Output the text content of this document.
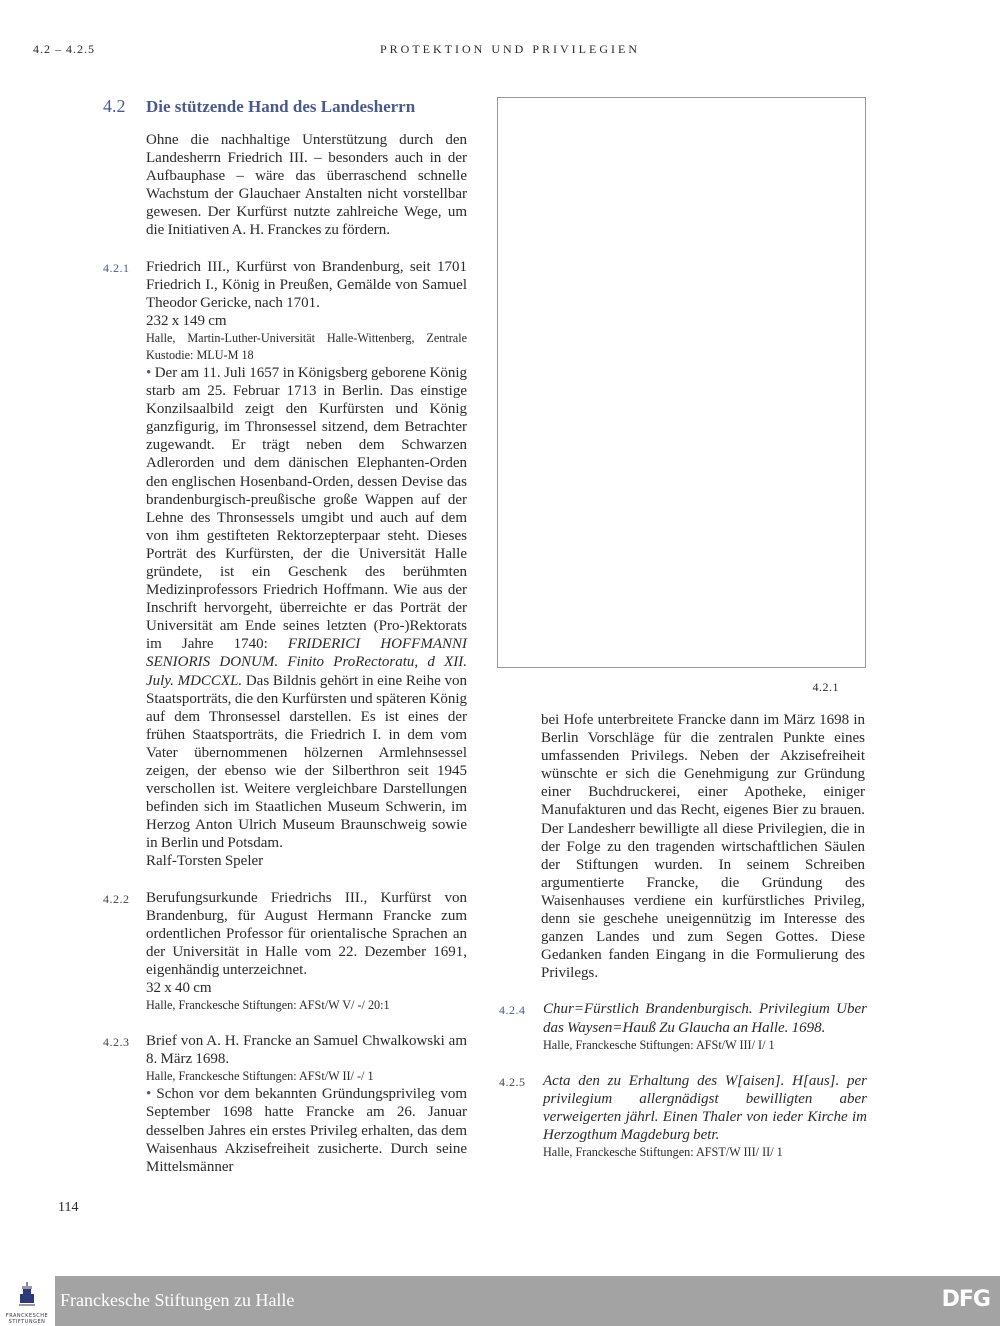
4.2 – 4.2.5	PROTEKTION UND PRIVILEGIEN
4.2	Die stützende Hand des Landesherrn
Ohne die nachhaltige Unterstützung durch den Landesherrn Friedrich III. – besonders auch in der Aufbauphase – wäre das überraschend schnelle Wachstum der Glauchaer Anstalten nicht vorstellbar gewesen. Der Kurfürst nutzte zahlreiche Wege, um die Initiativen A. H. Franckes zu fördern.
4.2.1	Friedrich III., Kurfürst von Brandenburg, seit 1701 Friedrich I., König in Preußen, Gemälde von Samuel Theodor Gericke, nach 1701.
232 x 149 cm
Halle, Martin-Luther-Universität Halle-Wittenberg, Zentrale Kustodie: MLU-M 18
• Der am 11. Juli 1657 in Königsberg geborene König starb am 25. Februar 1713 in Berlin. Das einstige Konzilsaalbild zeigt den Kurfürsten und König ganzfigurig, im Thronsessel sitzend, dem Betrachter zugewandt. Er trägt neben dem Schwarzen Adlerorden und dem dänischen Elephanten-Orden den englischen Hosenband-Orden, dessen Devise das brandenburgisch-preußische große Wappen auf der Lehne des Thronsessels umgibt und auch auf dem von ihm gestifteten Rektorzepterpaar steht. Dieses Porträt des Kurfürsten, der die Universität Halle gründete, ist ein Geschenk des berühmten Medizinprofessors Friedrich Hoffmann. Wie aus der Inschrift hervorgeht, überreichte er das Porträt der Universität am Ende seines letzten (Pro-)Rektorats im Jahre 1740: FRIDERICI HOFFMANNI SENIORIS DONUM. Finito ProRectoratu, d XII. July. MDCCXL. Das Bildnis gehört in eine Reihe von Staatsporträts, die den Kurfürsten und späteren König auf dem Thronsessel darstellen. Es ist eines der frühen Staatsporträts, die Friedrich I. in dem vom Vater übernommenen hölzernen Armlehnsessel zeigen, der ebenso wie der Silberthron seit 1945 verschollen ist. Weitere vergleichbare Darstellungen befinden sich im Staatlichen Museum Schwerin, im Herzog Anton Ulrich Museum Braunschweig sowie in Berlin und Potsdam.
Ralf-Torsten Speler
4.2.2	Berufungsurkunde Friedrichs III., Kurfürst von Brandenburg, für August Hermann Francke zum ordentlichen Professor für orientalische Sprachen an der Universität in Halle vom 22. Dezember 1691, eigenhändig unterzeichnet.
32 x 40 cm
Halle, Franckesche Stiftungen: AFSt/W V/ -/ 20:1
4.2.3	Brief von A. H. Francke an Samuel Chwalkowski am 8. März 1698.
Halle, Franckesche Stiftungen: AFSt/W II/ -/ 1
• Schon vor dem bekannten Gründungsprivileg vom September 1698 hatte Francke am 26. Januar desselben Jahres ein erstes Privileg erhalten, das dem Waisenhaus Akzisefreiheit zusicherte. Durch seine Mittelsmänner
4.2.1
bei Hofe unterbreitete Francke dann im März 1698 in Berlin Vorschläge für die zentralen Punkte eines umfassenden Privilegs. Neben der Akzisefreiheit wünschte er sich die Genehmigung zur Gründung einer Buchdruckerei, einer Apotheke, einiger Manufakturen und das Recht, eigenes Bier zu brauen. Der Landesherr bewilligte all diese Privilegien, die in der Folge zu den tragenden wirtschaftlichen Säulen der Stiftungen wurden. In seinem Schreiben argumentierte Francke, die Gründung des Waisenhauses verdiene ein kurfürstliches Privileg, denn sie geschehe uneigennützig im Interesse des ganzen Landes und zum Segen Gottes. Diese Gedanken fanden Eingang in die Formulierung des Privilegs.
4.2.4	Chur=Fürstlich Brandenburgisch. Privilegium Uber das Waysen=Hauß Zu Glaucha an Halle. 1698.
Halle, Franckesche Stiftungen: AFSt/W III/ I/ 1
4.2.5	Acta den zu Erhaltung des W[aisen]. H[aus]. per privilegium allergnädigst bewilligten aber verweigerten jährl. Einen Thaler von ieder Kirche im Herzogthum Magdeburg betr.
Halle, Franckesche Stiftungen: AFST/W III/ II/ 1
114
FRANCKESCHE STIFTUNGEN
Franckesche Stiftungen zu Halle	DFG
